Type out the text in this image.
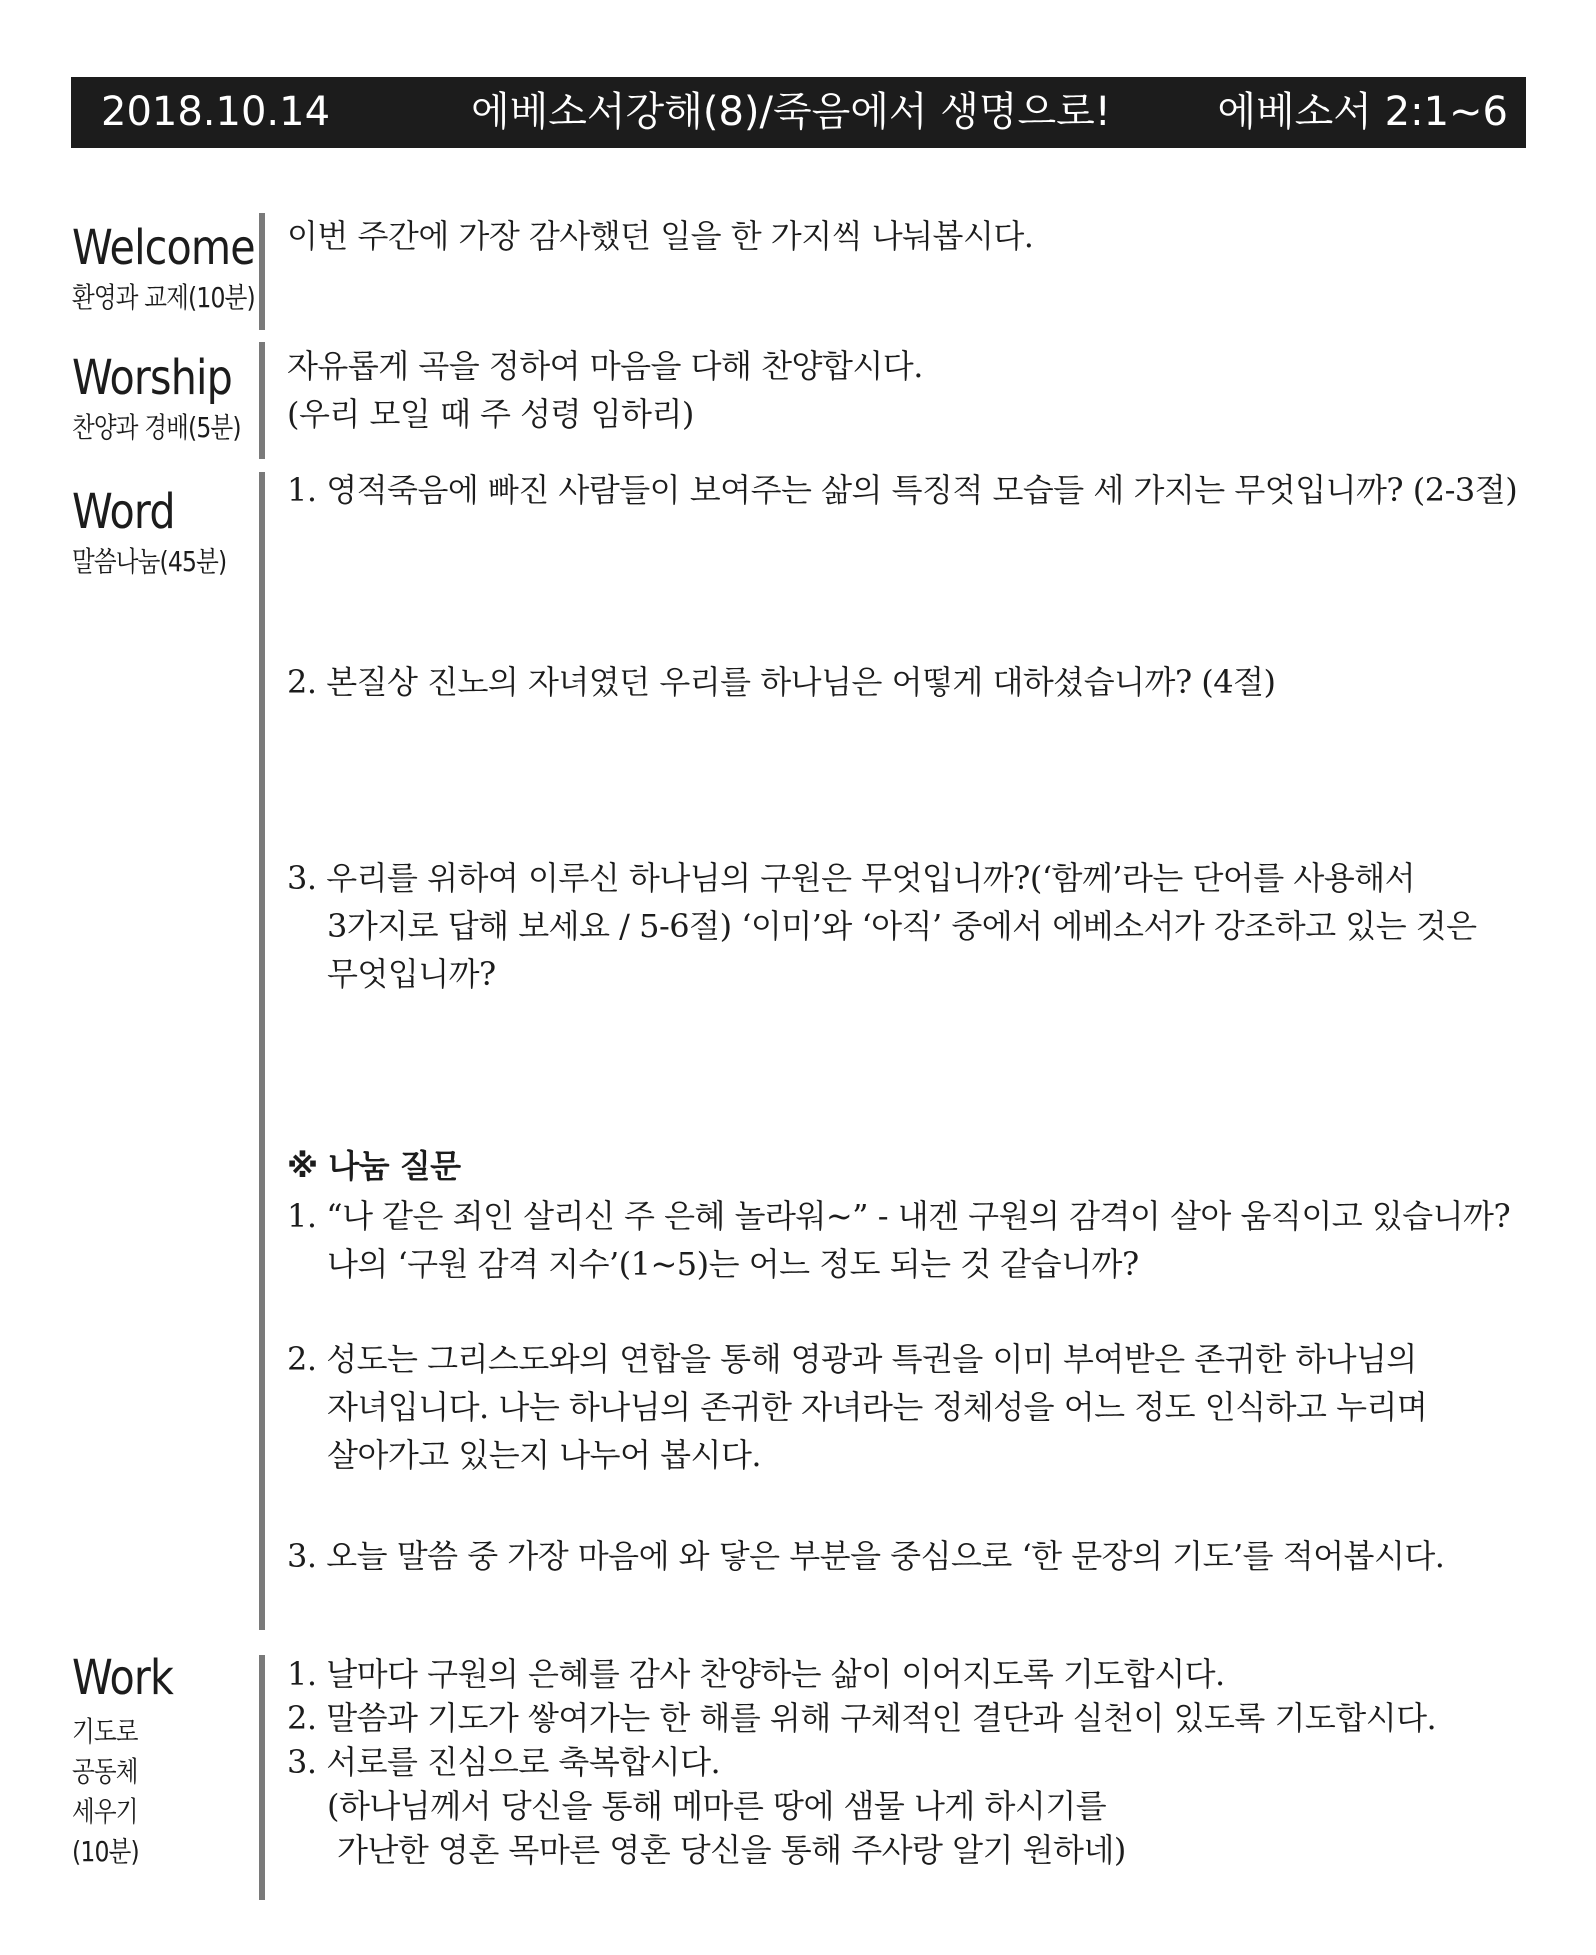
2018.10.14	에베소서강해(8)/죽음에서 생명으로!	에베소서 2:1~6
Welcome
환영과 교제(10분)
이번 주간에 가장 감사했던 일을 한 가지씩 나눠봅시다.
Worship
찬양과 경배(5분)
자유롭게 곡을 정하여 마음을 다해 찬양합시다.
(우리 모일 때 주 성령 임하리)
Word
말씀나눔(45분)
1. 영적죽음에 빠진 사람들이 보여주는 삶의 특징적 모습들 세 가지는 무엇입니까? (2-3절)
2. 본질상 진노의 자녀였던 우리를 하나님은 어떻게 대하셨습니까? (4절)
3. 우리를 위하여 이루신 하나님의 구원은 무엇입니까?(‘함께’라는 단어를 사용해서
3가지로 답해 보세요 / 5-6절) ‘이미’와 ‘아직’ 중에서 에베소서가 강조하고 있는 것은
무엇입니까?
※ 나눔 질문
1. “나 같은 죄인 살리신 주 은혜 놀라워~” - 내겐 구원의 감격이 살아 움직이고 있습니까?
나의 ‘구원 감격 지수’(1~5)는 어느 정도 되는 것 같습니까?
2. 성도는 그리스도와의 연합을 통해 영광과 특권을 이미 부여받은 존귀한 하나님의
자녀입니다. 나는 하나님의 존귀한 자녀라는 정체성을 어느 정도 인식하고 누리며
살아가고 있는지 나누어 봅시다.
3. 오늘 말씀 중 가장 마음에 와 닿은 부분을 중심으로 ‘한 문장의 기도’를 적어봅시다.
Work
기도로
공동체
세우기
(10분)
1. 날마다 구원의 은혜를 감사 찬양하는 삶이 이어지도록 기도합시다.
2. 말씀과 기도가 쌓여가는 한 해를 위해 구체적인 결단과 실천이 있도록 기도합시다.
3. 서로를 진심으로 축복합시다.
(하나님께서 당신을 통해 메마른 땅에 샘물 나게 하시기를
가난한 영혼 목마른 영혼 당신을 통해 주사랑 알기 원하네)
